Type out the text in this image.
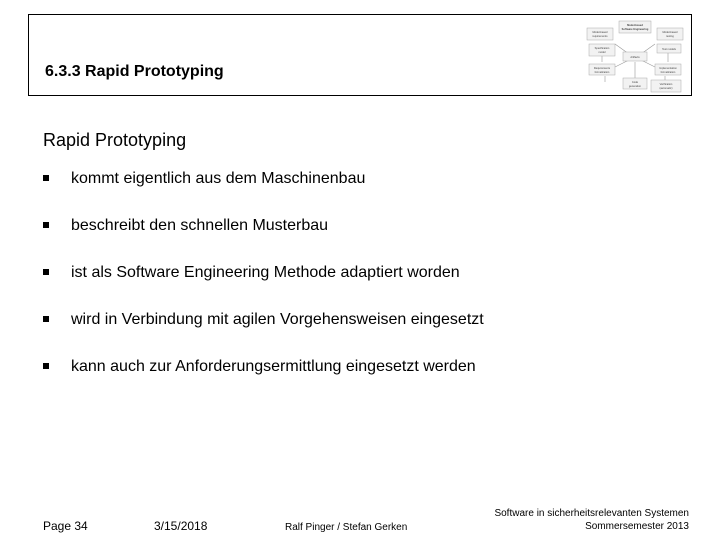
6.3.3 Rapid Prototyping
Model-based
Software Engineering
Model-based
requirements
Model-based
testing
Specification
model
Artifacts
Test models
Requirements
formalization
Implementation
formalization
Code
generation
Verification
(automatic)
Rapid Prototyping
kommt eigentlich aus dem Maschinenbau
beschreibt den schnellen Musterbau
ist als Software Engineering Methode adaptiert worden
wird in Verbindung mit agilen Vorgehensweisen eingesetzt
kann auch zur Anforderungsermittlung eingesetzt werden
Page 34	3/15/2018	Ralf Pinger / Stefan Gerken
Software in sicherheitsrelevanten Systemen
Sommersemester 2013
